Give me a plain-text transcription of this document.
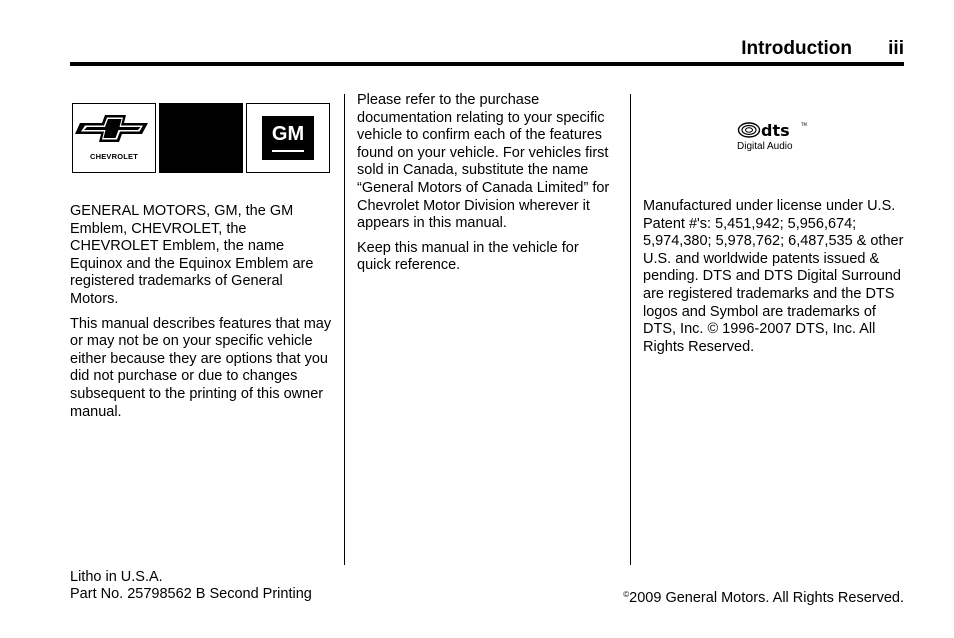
Introduction iii
CHEVROLET
GM

GENERAL MOTORS, GM, the GM Emblem, CHEVROLET, the CHEVROLET Emblem, the name Equinox and the Equinox Emblem are registered trademarks of General Motors.

This manual describes features that may or may not be on your specific vehicle either because they are options that you did not purchase or due to changes subsequent to the printing of this owner manual.

Please refer to the purchase documentation relating to your specific vehicle to confirm each of the features found on your vehicle. For vehicles first sold in Canada, substitute the name “General Motors of Canada Limited” for Chevrolet Motor Division wherever it appears in this manual.

Keep this manual in the vehicle for quick reference.

dts	TM
Digital Audio

Manufactured under license under U.S. Patent #'s: 5,451,942; 5,956,674; 5,974,380; 5,978,762; 6,487,535 & other U.S. and worldwide patents issued & pending. DTS and DTS Digital Surround are registered trademarks and the DTS logos and Symbol are trademarks of DTS, Inc. © 1996-2007 DTS, Inc. All Rights Reserved.

Litho in U.S.A.
Part No. 25798562 B Second Printing	©2009 General Motors. All Rights Reserved.
